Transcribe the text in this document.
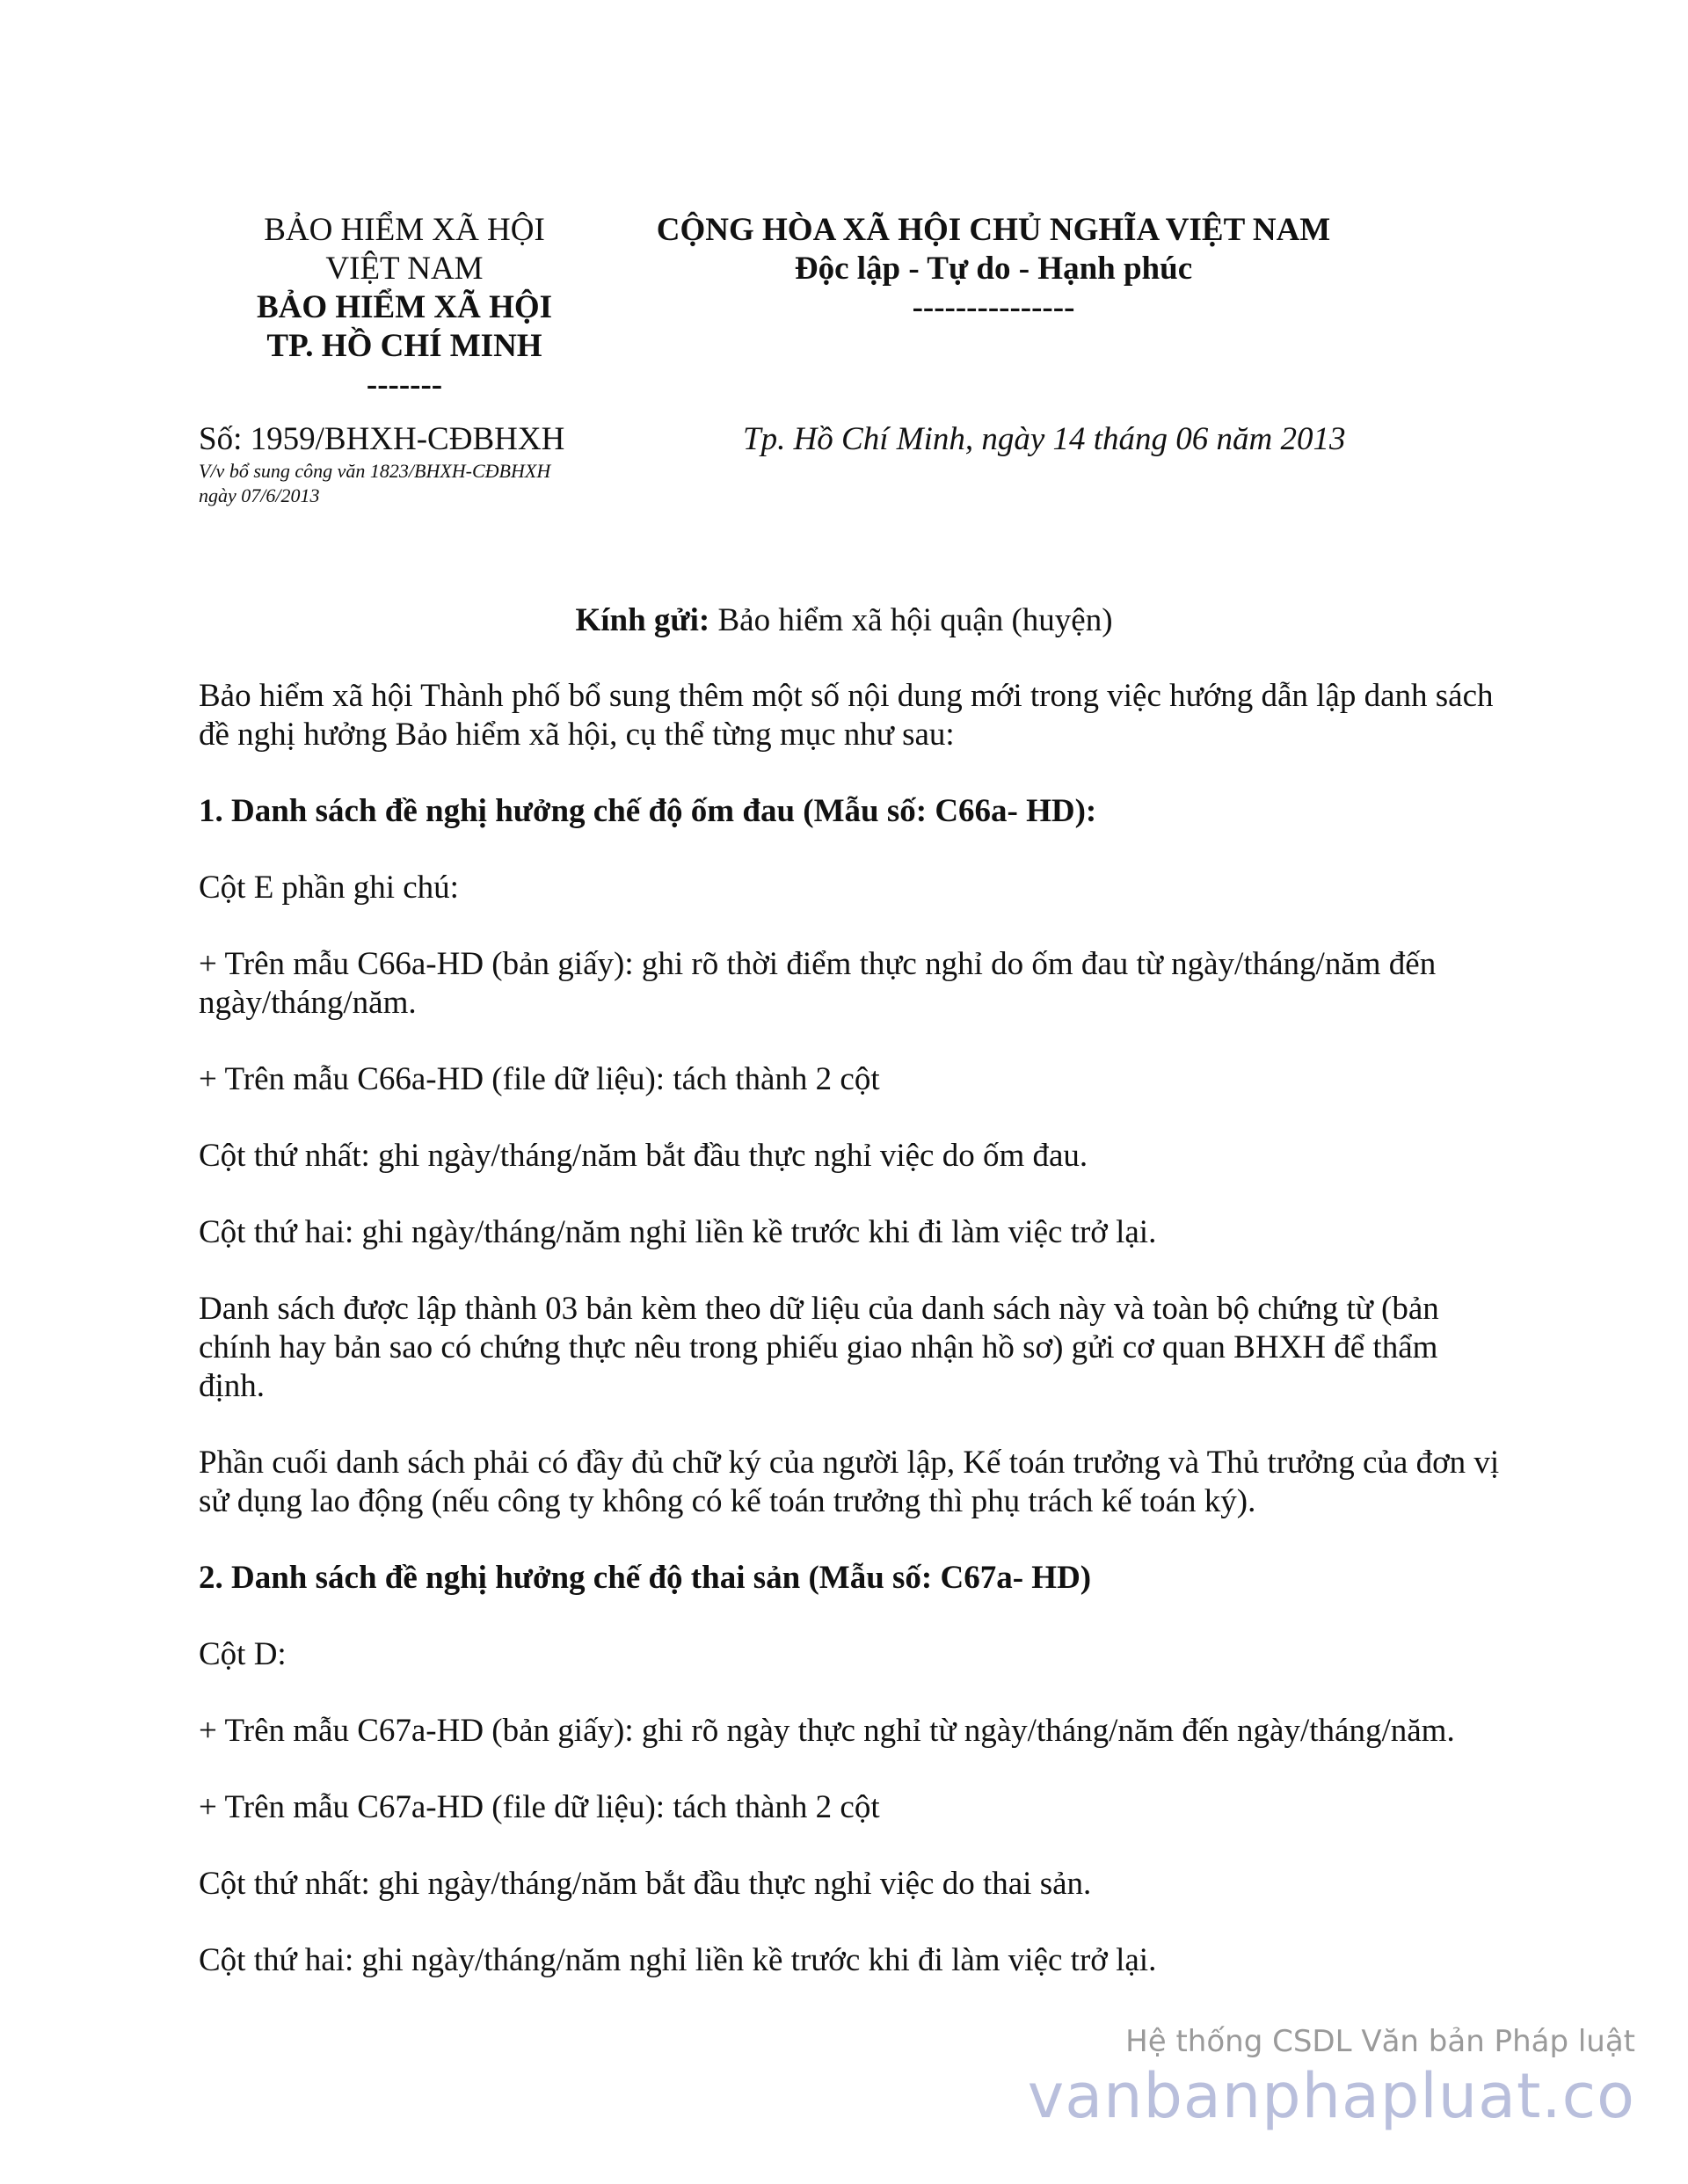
BẢO HIỂM XÃ HỘI
VIỆT NAM
BẢO HIỂM XÃ HỘI
TP. HỒ CHÍ MINH
-------
CỘNG HÒA XÃ HỘI CHỦ NGHĨA VIỆT NAM
Độc lập - Tự do - Hạnh phúc
---------------
Số: 1959/BHXH-CĐBHXH
V/v bổ sung công văn 1823/BHXH-CĐBHXH
ngày 07/6/2013
Tp. Hồ Chí Minh, ngày 14 tháng 06 năm 2013
Kính gửi: Bảo hiểm xã hội quận (huyện)

Bảo hiểm xã hội Thành phố bổ sung thêm một số nội dung mới trong việc hướng dẫn lập danh sách đề nghị hưởng Bảo hiểm xã hội, cụ thể từng mục như sau:

1. Danh sách đề nghị hưởng chế độ ốm đau (Mẫu số: C66a- HD):

Cột E phần ghi chú:

+ Trên mẫu C66a-HD (bản giấy): ghi rõ thời điểm thực nghỉ do ốm đau từ ngày/tháng/năm đến ngày/tháng/năm.

+ Trên mẫu C66a-HD (file dữ liệu): tách thành 2 cột

Cột thứ nhất: ghi ngày/tháng/năm bắt đầu thực nghỉ việc do ốm đau.

Cột thứ hai: ghi ngày/tháng/năm nghỉ liền kề trước khi đi làm việc trở lại.

Danh sách được lập thành 03 bản kèm theo dữ liệu của danh sách này và toàn bộ chứng từ (bản chính hay bản sao có chứng thực nêu trong phiếu giao nhận hồ sơ) gửi cơ quan BHXH để thẩm định.

Phần cuối danh sách phải có đầy đủ chữ ký của người lập, Kế toán trưởng và Thủ trưởng của đơn vị sử dụng lao động (nếu công ty không có kế toán trưởng thì phụ trách kế toán ký).

2. Danh sách đề nghị hưởng chế độ thai sản (Mẫu số: C67a- HD)

Cột D:

+ Trên mẫu C67a-HD (bản giấy): ghi rõ ngày thực nghỉ từ ngày/tháng/năm đến ngày/tháng/năm.

+ Trên mẫu C67a-HD (file dữ liệu): tách thành 2 cột

Cột thứ nhất: ghi ngày/tháng/năm bắt đầu thực nghỉ việc do thai sản.

Cột thứ hai: ghi ngày/tháng/năm nghỉ liền kề trước khi đi làm việc trở lại.

Hệ thống CSDL Văn bản Pháp luật
vanbanphapluat.co
